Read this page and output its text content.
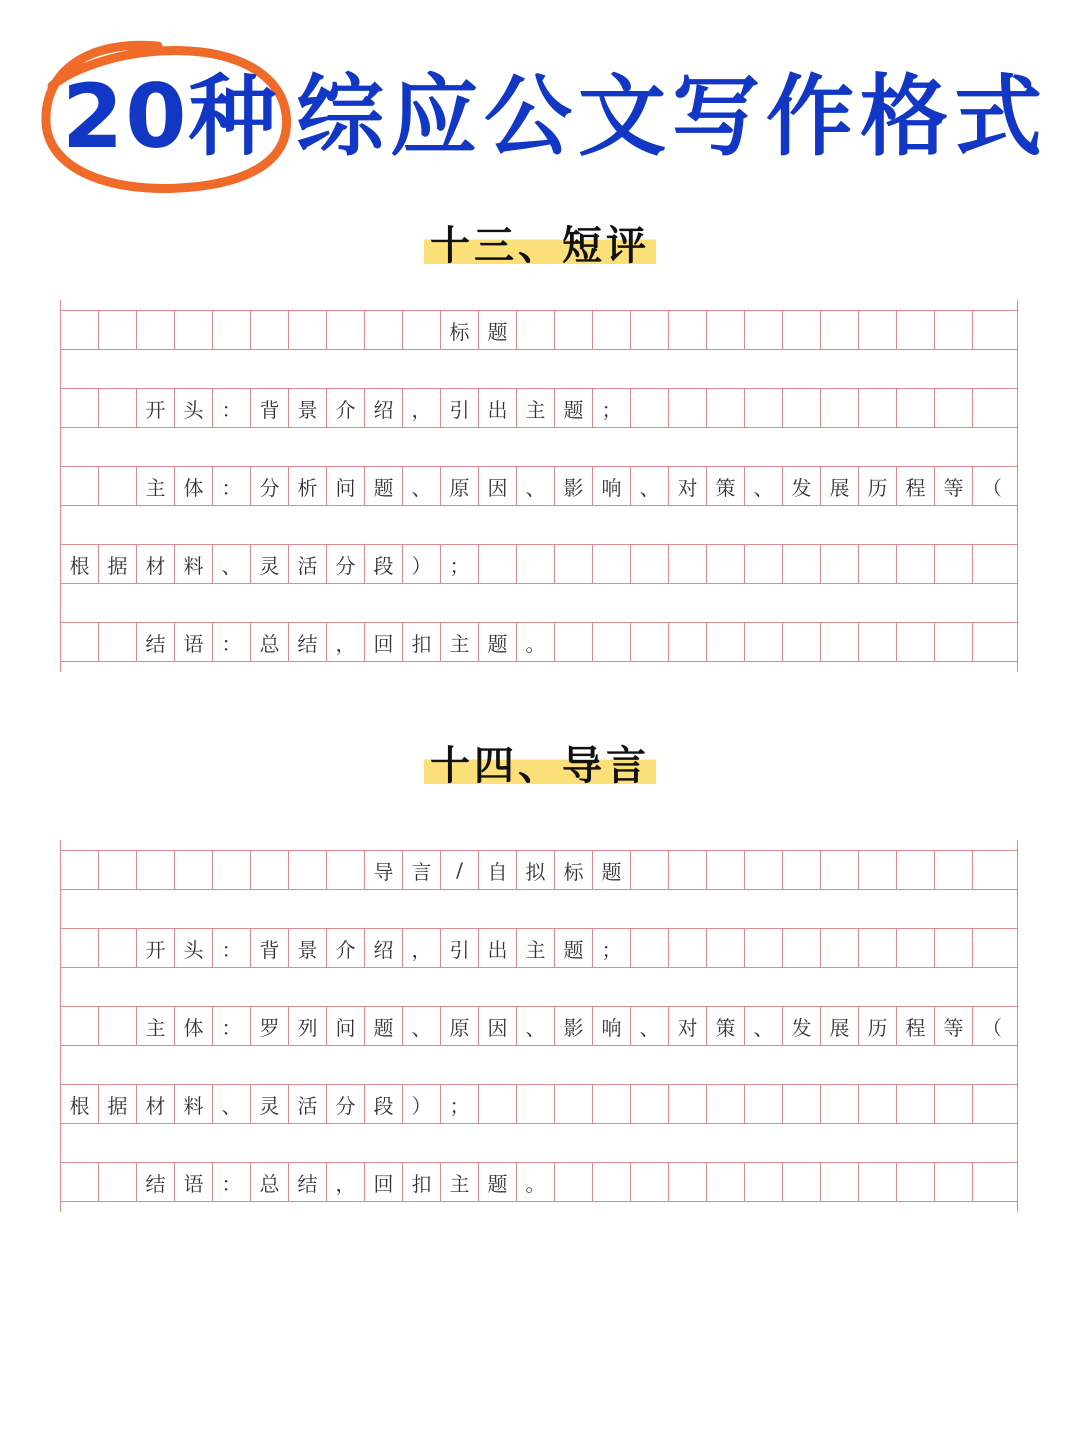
20种 综应公文写作格式
十三、短评
标 题
开 头 ： 背 景 介 绍 ， 引 出 主 题 ；
主 体 ： 分 析 问 题 、 原 因 、 影 响 、 对 策 、 发 展 历 程 等 （
根 据 材 料 、 灵 活 分 段 ） ；
结 语 ： 总 结 ， 回 扣 主 题 。
十四、导言
导 言	/	自 拟 标 题
开 头 ： 背 景 介 绍 ， 引 出 主 题 ；
主 体 ： 罗 列 问 题 、 原 因 、 影 响 、 对 策 、 发 展 历 程 等 （
根 据 材 料 、 灵 活 分 段 ） ；
结 语 ： 总 结 ， 回 扣 主 题 。
